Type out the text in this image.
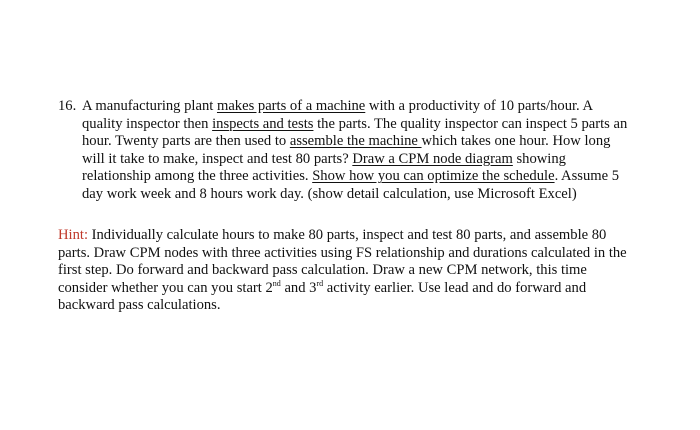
16. A manufacturing plant makes parts of a machine with a productivity of 10 parts/hour. A
quality inspector then inspects and tests the parts. The quality inspector can inspect 5 parts an
hour. Twenty parts are then used to assemble the machine which takes one hour. How long
will it take to make, inspect and test 80 parts? Draw a CPM node diagram showing
relationship among the three activities. Show how you can optimize the schedule. Assume 5
day work week and 8 hours work day. (show detail calculation, use Microsoft Excel)
Hint: Individually calculate hours to make 80 parts, inspect and test 80 parts, and assemble 80
parts. Draw CPM nodes with three activities using FS relationship and durations calculated in the
first step. Do forward and backward pass calculation. Draw a new CPM network, this time
consider whether you can you start 2nd and 3rd activity earlier. Use lead and do forward and
backward pass calculations.
